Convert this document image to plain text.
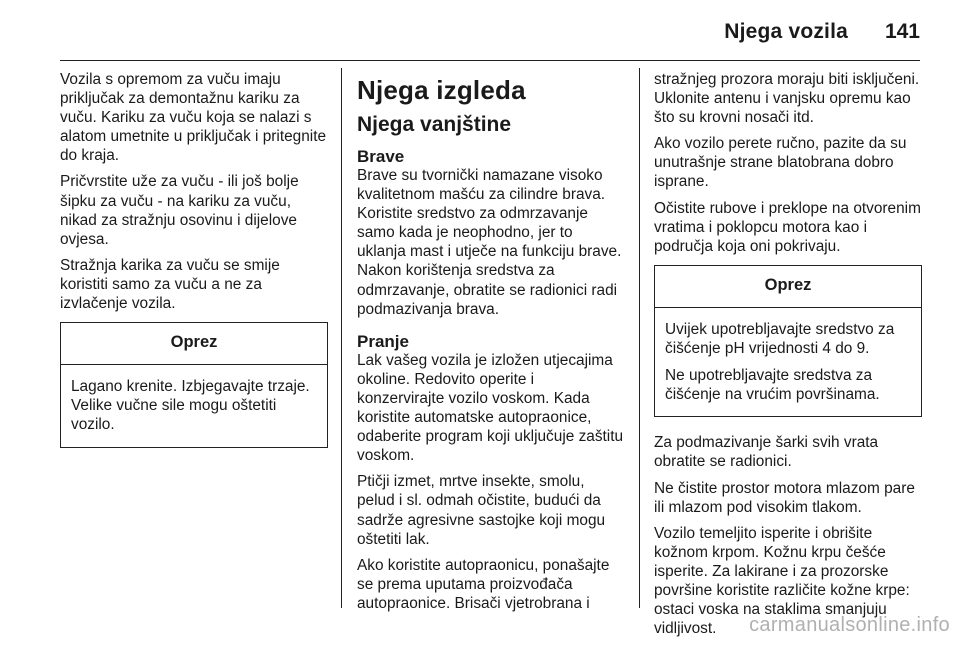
Njega vozila	141

Vozila s opremom za vuču imaju priključak za demontažnu kariku za vuču. Kariku za vuču koja se nalazi s alatom umetnite u priključak i pritegnite do kraja.

Pričvrstite uže za vuču - ili još bolje šipku za vuču - na kariku za vuču, nikad za stražnju osovinu i dijelove ovjesa.

Stražnja karika za vuču se smije koristiti samo za vuču a ne za izvlačenje vozila.

Oprez

Lagano krenite. Izbjegavajte trzaje. Velike vučne sile mogu oštetiti vozilo.

Njega izgleda
Njega vanjštine
Brave

Brave su tvornički namazane visoko kvalitetnom mašću za cilindre brava. Koristite sredstvo za odmrzavanje samo kada je neophodno, jer to uklanja mast i utječe na funkciju brave. Nakon korištenja sredstva za odmrzavanje, obratite se radionici radi podmazivanja brava.

Pranje

Lak vašeg vozila je izložen utjecajima okoline. Redovito operite i konzervirajte vozilo voskom. Kada koristite automatske autopraonice, odaberite program koji uključuje zaštitu voskom.

Ptičji izmet, mrtve insekte, smolu, pelud i sl. odmah očistite, budući da sadrže agresivne sastojke koji mogu oštetiti lak.

Ako koristite autopraonicu, ponašajte se prema uputama proizvođača autopraonice. Brisači vjetrobrana i

stražnjeg prozora moraju biti isključeni. Uklonite antenu i vanjsku opremu kao što su krovni nosači itd.

Ako vozilo perete ručno, pazite da su unutrašnje strane blatobrana dobro isprane.

Očistite rubove i preklope na otvorenim vratima i poklopcu motora kao i područja koja oni pokrivaju.

Oprez

Uvijek upotrebljavajte sredstvo za čišćenje pH vrijednosti 4 do 9.

Ne upotrebljavajte sredstva za čišćenje na vrućim površinama.

Za podmazivanje šarki svih vrata obratite se radionici.

Ne čistite prostor motora mlazom pare ili mlazom pod visokim tlakom.

Vozilo temeljito isperite i obrišite kožnom krpom. Kožnu krpu češće isperite. Za lakirane i za prozorske površine koristite različite kožne krpe: ostaci voska na staklima smanjuju vidljivost.	carmanualsonline.info
